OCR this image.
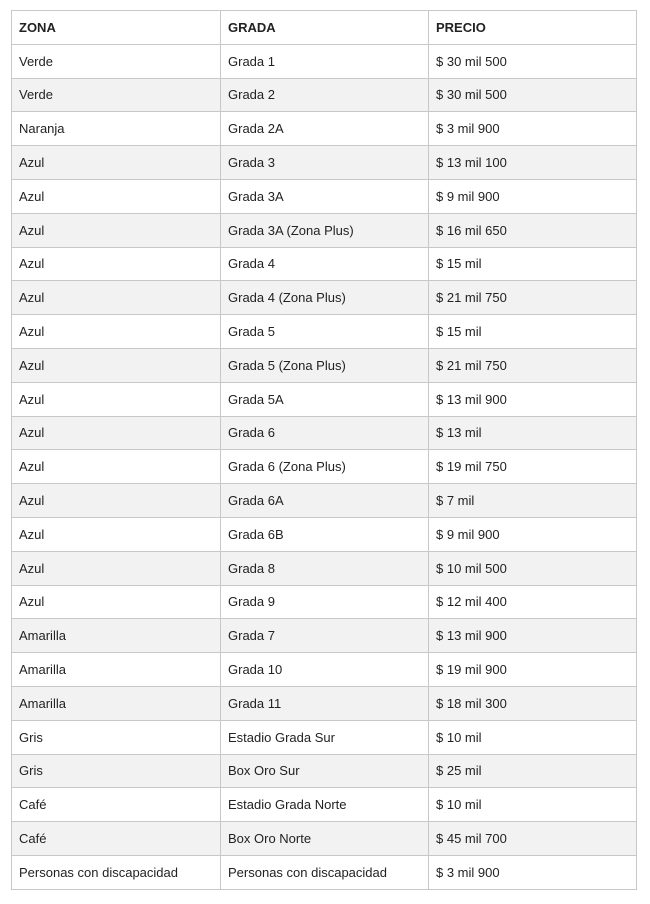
ZONA	GRADA	PRECIO
Verde	Grada 1	$ 30 mil 500
Verde	Grada 2	$ 30 mil 500
Naranja	Grada 2A	$ 3 mil 900
Azul	Grada 3	$ 13 mil 100
Azul	Grada 3A	$ 9 mil 900
Azul	Grada 3A (Zona Plus)	$ 16 mil 650
Azul	Grada 4	$ 15 mil
Azul	Grada 4 (Zona Plus)	$ 21 mil 750
Azul	Grada 5	$ 15 mil
Azul	Grada 5 (Zona Plus)	$ 21 mil 750
Azul	Grada 5A	$ 13 mil 900
Azul	Grada 6	$ 13 mil
Azul	Grada 6 (Zona Plus)	$ 19 mil 750
Azul	Grada 6A	$ 7 mil
Azul	Grada 6B	$ 9 mil 900
Azul	Grada 8	$ 10 mil 500
Azul	Grada 9	$ 12 mil 400
Amarilla	Grada 7	$ 13 mil 900
Amarilla	Grada 10	$ 19 mil 900
Amarilla	Grada 11	$ 18 mil 300
Gris	Estadio Grada Sur	$ 10 mil
Gris	Box Oro Sur	$ 25 mil
Café	Estadio Grada Norte	$ 10 mil
Café	Box Oro Norte	$ 45 mil 700
Personas con discapacidad	Personas con discapacidad	$ 3 mil 900
